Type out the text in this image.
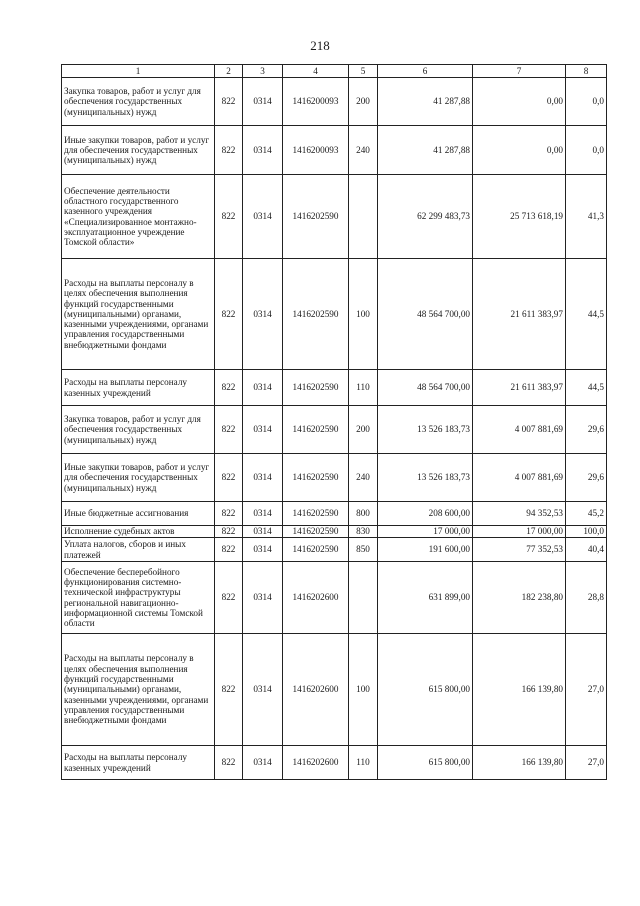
218
1	2	3	4	5	6	7	8
Закупка товаров, работ и услуг для обеспечения государственных (муниципальных) нужд	822	0314	1416200093	200	41 287,88	0,00	0,0
Иные закупки товаров, работ и услуг для обеспечения государственных (муниципальных) нужд	822	0314	1416200093	240	41 287,88	0,00	0,0
Обеспечение деятельности областного государственного казенного учреждения «Специализированное монтажно-эксплуатационное учреждение Томской области»	822	0314	1416202590		62 299 483,73	25 713 618,19	41,3
Расходы на выплаты персоналу в целях обеспечения выполнения функций государственными (муниципальными) органами, казенными учреждениями, органами управления государственными внебюджетными фондами	822	0314	1416202590	100	48 564 700,00	21 611 383,97	44,5
Расходы на выплаты персоналу казенных учреждений	822	0314	1416202590	110	48 564 700,00	21 611 383,97	44,5
Закупка товаров, работ и услуг для обеспечения государственных (муниципальных) нужд	822	0314	1416202590	200	13 526 183,73	4 007 881,69	29,6
Иные закупки товаров, работ и услуг для обеспечения государственных (муниципальных) нужд	822	0314	1416202590	240	13 526 183,73	4 007 881,69	29,6
Иные бюджетные ассигнования	822	0314	1416202590	800	208 600,00	94 352,53	45,2
Исполнение судебных актов	822	0314	1416202590	830	17 000,00	17 000,00	100,0
Уплата налогов, сборов и иных платежей	822	0314	1416202590	850	191 600,00	77 352,53	40,4
Обеспечение бесперебойного функционирования системно-технической инфраструктуры региональной навигационно-информационной системы Томской области	822	0314	1416202600		631 899,00	182 238,80	28,8
Расходы на выплаты персоналу в целях обеспечения выполнения функций государственными (муниципальными) органами, казенными учреждениями, органами управления государственными внебюджетными фондами	822	0314	1416202600	100	615 800,00	166 139,80	27,0
Расходы на выплаты персоналу казенных учреждений	822	0314	1416202600	110	615 800,00	166 139,80	27,0
